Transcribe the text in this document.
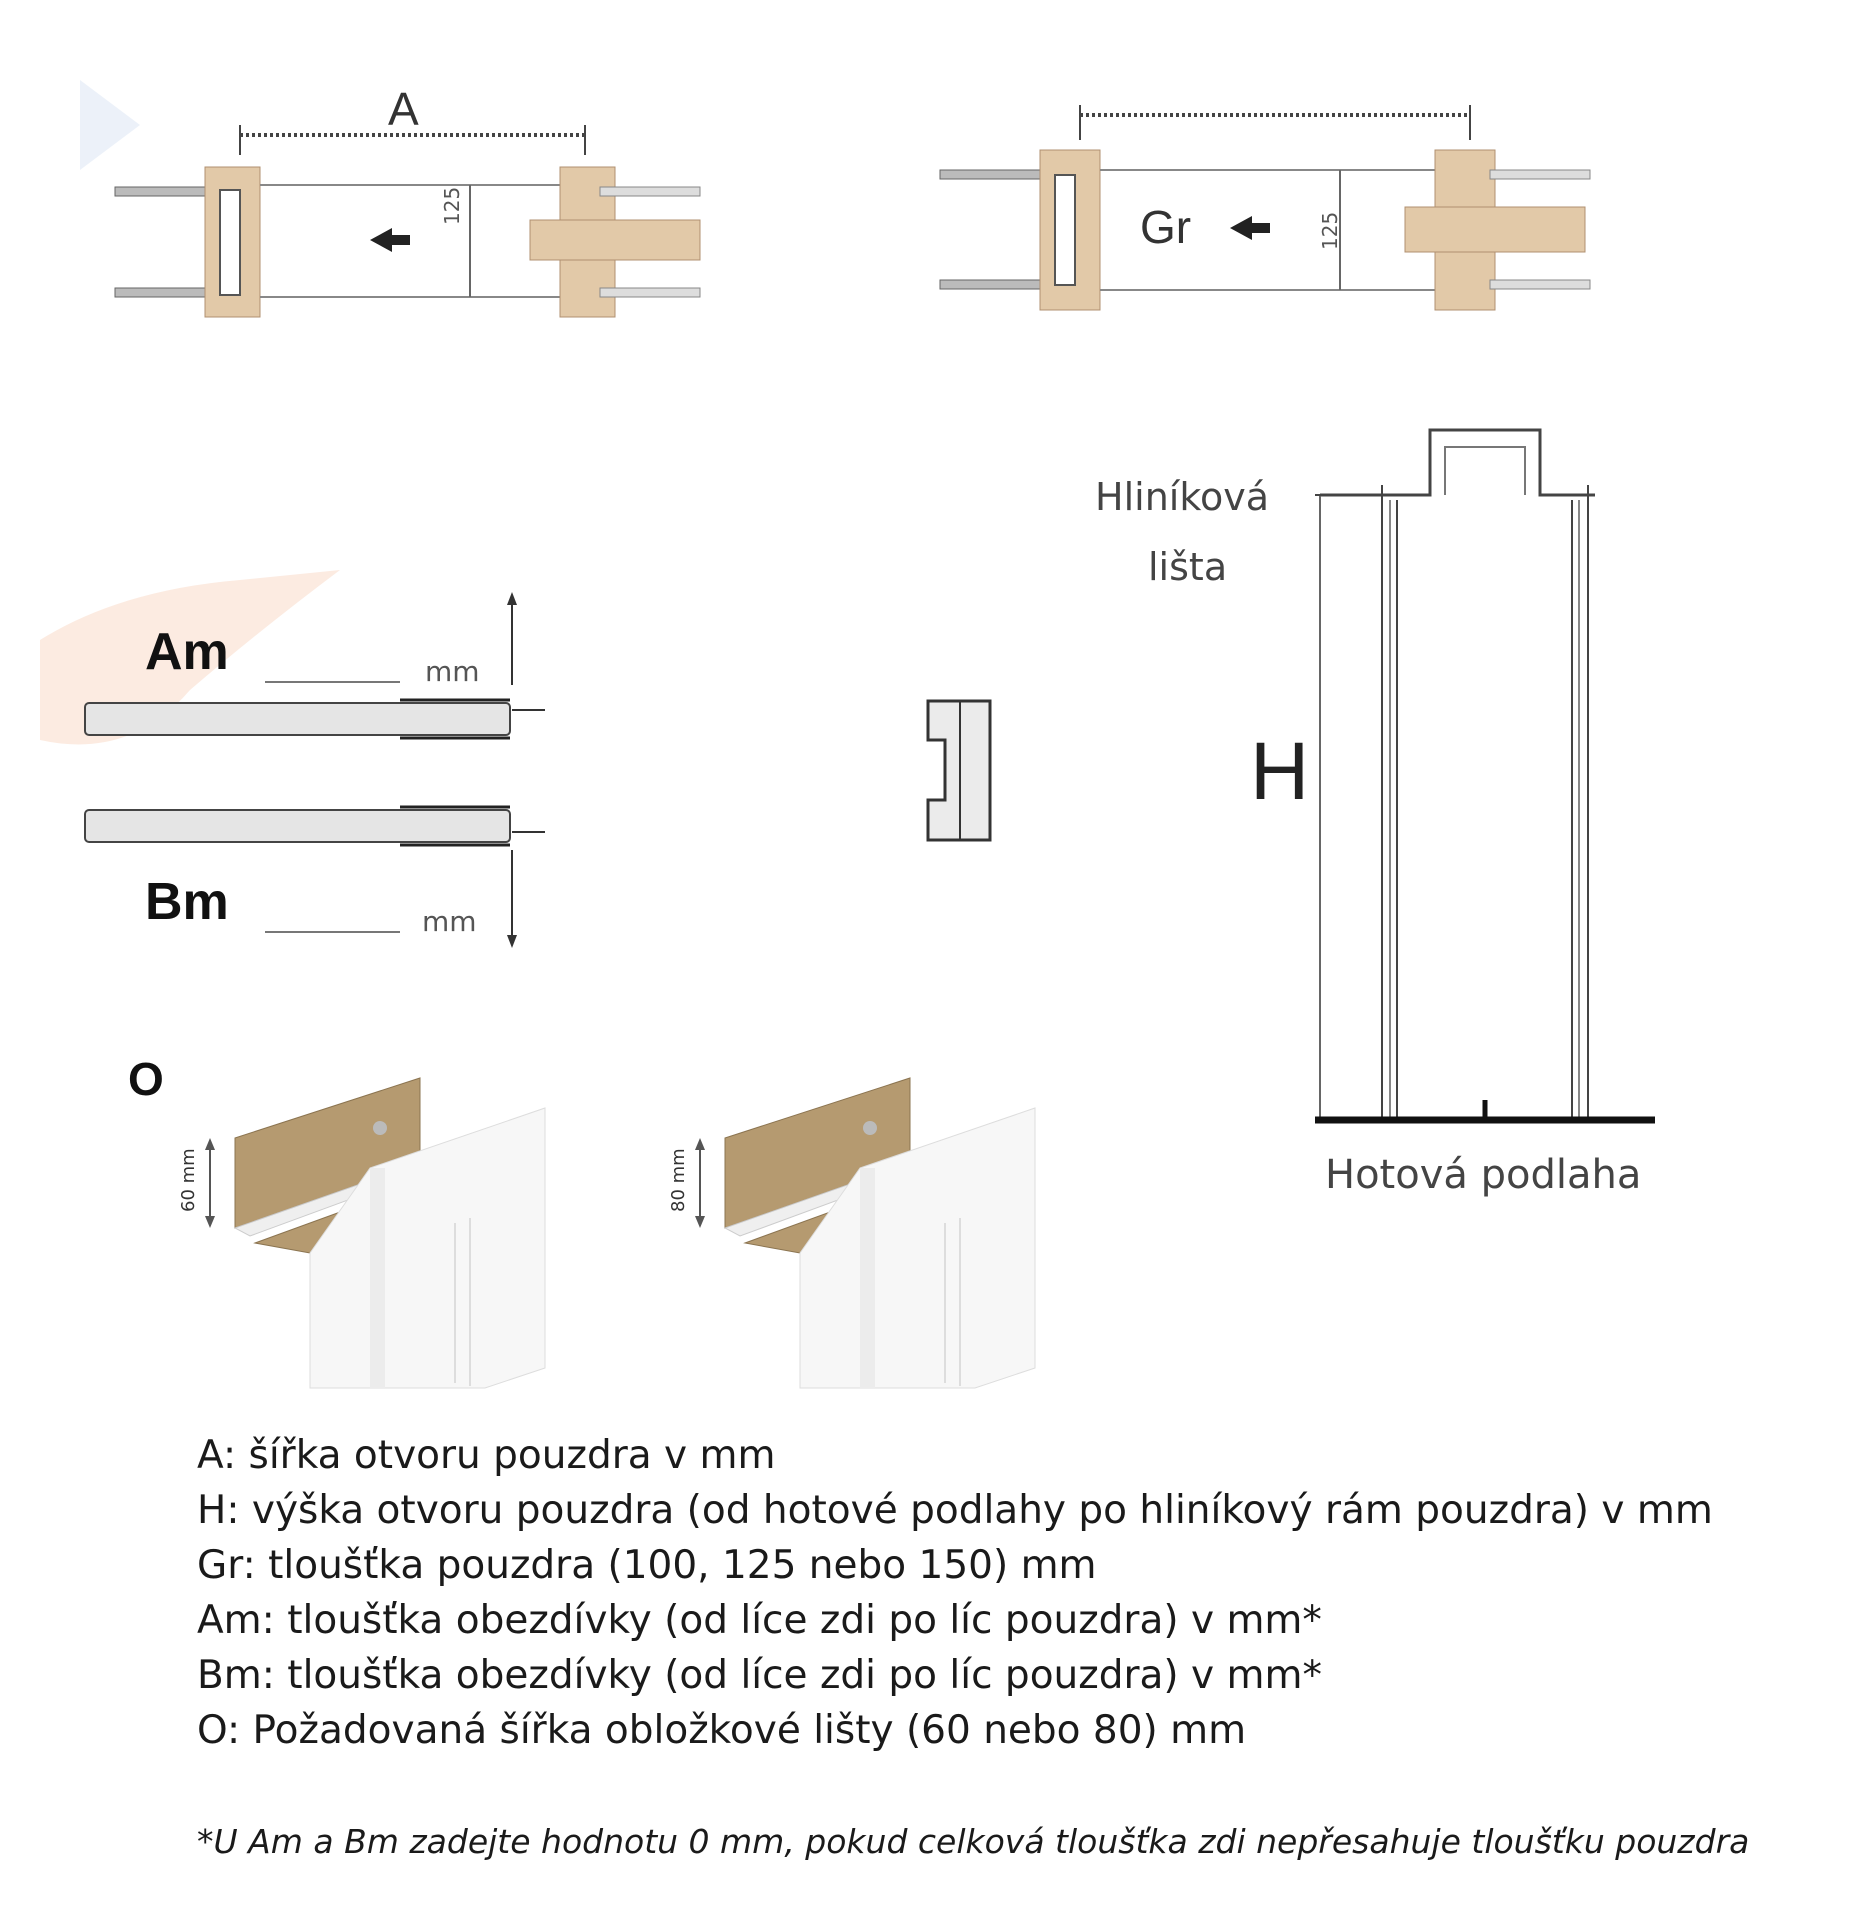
A
125	Gr	125
Am	mm
Bm	mm
Hliníková
lišta
H
Hotová podlaha
O
60 mm	80 mm
A: šířka otvoru pouzdra v mm
H: výška otvoru pouzdra (od hotové podlahy po hliníkový rám pouzdra) v mm
Gr: tloušťka pouzdra (100, 125 nebo 150) mm
Am: tloušťka obezdívky (od líce zdi po líc pouzdra) v mm*
Bm: tloušťka obezdívky (od líce zdi po líc pouzdra) v mm*
O: Požadovaná šířka obložkové lišty (60 nebo 80) mm
*U Am a Bm zadejte hodnotu 0 mm, pokud celková tloušťka zdi nepřesahuje tloušťku pouzdra
